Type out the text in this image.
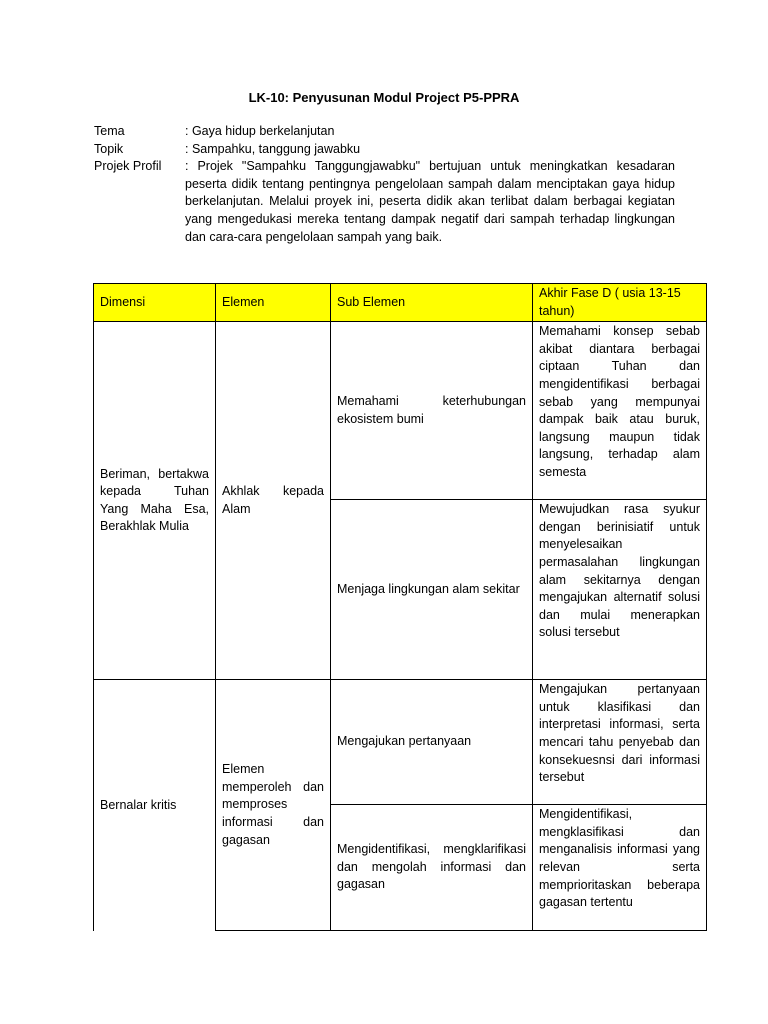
LK-10: Penyusunan Modul Project P5-PPRA
Tema	: Gaya hidup berkelanjutan
Topik	: Sampahku, tanggung jawabku
Projek Profil	: Projek "Sampahku Tanggungjawabku" bertujuan untuk meningkatkan kesadaran peserta didik tentang pentingnya pengelolaan sampah dalam menciptakan gaya hidup berkelanjutan. Melalui proyek ini, peserta didik akan terlibat dalam berbagai kegiatan yang mengedukasi mereka tentang dampak negatif dari sampah terhadap lingkungan dan cara-cara pengelolaan sampah yang baik.
Dimensi	Elemen	Sub Elemen	Akhir Fase D ( usia 13-15 tahun)
Beriman, bertakwa kepada Tuhan Yang Maha Esa, Berakhlak Mulia	Akhlak kepada Alam	Memahami keterhubungan ekosistem bumi	Memahami konsep sebab akibat diantara berbagai ciptaan Tuhan dan mengidentifikasi berbagai sebab yang mempunyai dampak baik atau buruk, langsung maupun tidak langsung, terhadap alam semesta
		Menjaga lingkungan alam sekitar	Mewujudkan rasa syukur dengan berinisiatif untuk menyelesaikan permasalahan lingkungan alam sekitarnya dengan mengajukan alternatif solusi dan mulai menerapkan solusi tersebut
Bernalar kritis	Elemen memperoleh dan memproses informasi dan gagasan	Mengajukan pertanyaan	Mengajukan pertanyaan untuk klasifikasi dan interpretasi informasi, serta mencari tahu penyebab dan konsekuesnsi dari informasi tersebut
		Mengidentifikasi, mengklarifikasi dan mengolah informasi dan gagasan	Mengidentifikasi, mengklasifikasi dan menganalisis informasi yang relevan serta memprioritaskan beberapa gagasan tertentu
